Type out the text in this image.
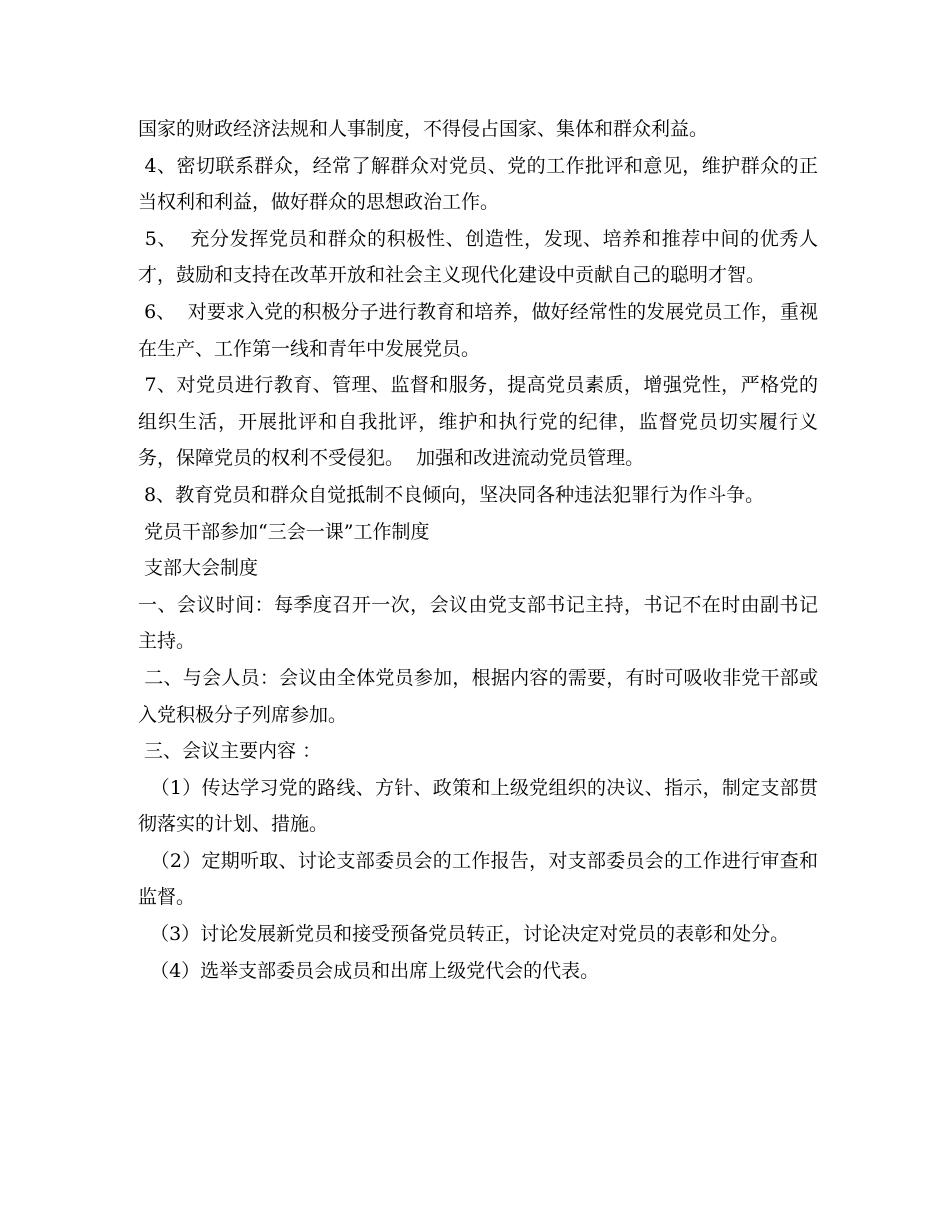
国家的财政经济法规和人事制度，不得侵占国家、集体和群众利益。

4、密切联系群众，经常了解群众对党员、党的工作批评和意见，维护群众的正当权利和利益，做好群众的思想政治工作。

5、  充分发挥党员和群众的积极性、创造性，发现、培养和推荐中间的优秀人才，鼓励和支持在改革开放和社会主义现代化建设中贡献自己的聪明才智。

6、  对要求入党的积极分子进行教育和培养，做好经常性的发展党员工作，重视在生产、工作第一线和青年中发展党员。

7、对党员进行教育、管理、监督和服务，提高党员素质，增强党性，严格党的组织生活，开展批评和自我批评，维护和执行党的纪律，监督党员切实履行义务，保障党员的权利不受侵犯。  加强和改进流动党员管理。

8、教育党员和群众自觉抵制不良倾向，坚决同各种违法犯罪行为作斗争。

党员干部参加“三会一课”工作制度

支部大会制度

一、会议时间：每季度召开一次，会议由党支部书记主持，书记不在时由副书记主持。

二、与会人员：会议由全体党员参加，根据内容的需要，有时可吸收非党干部或入党积极分子列席参加。

三、会议主要内容 ：

（1）传达学习党的路线、方针、政策和上级党组织的决议、指示，制定支部贯彻落实的计划、措施。

（2）定期听取、讨论支部委员会的工作报告，对支部委员会的工作进行审查和监督。

（3）讨论发展新党员和接受预备党员转正，讨论决定对党员的表彰和处分。

（4）选举支部委员会成员和出席上级党代会的代表。
